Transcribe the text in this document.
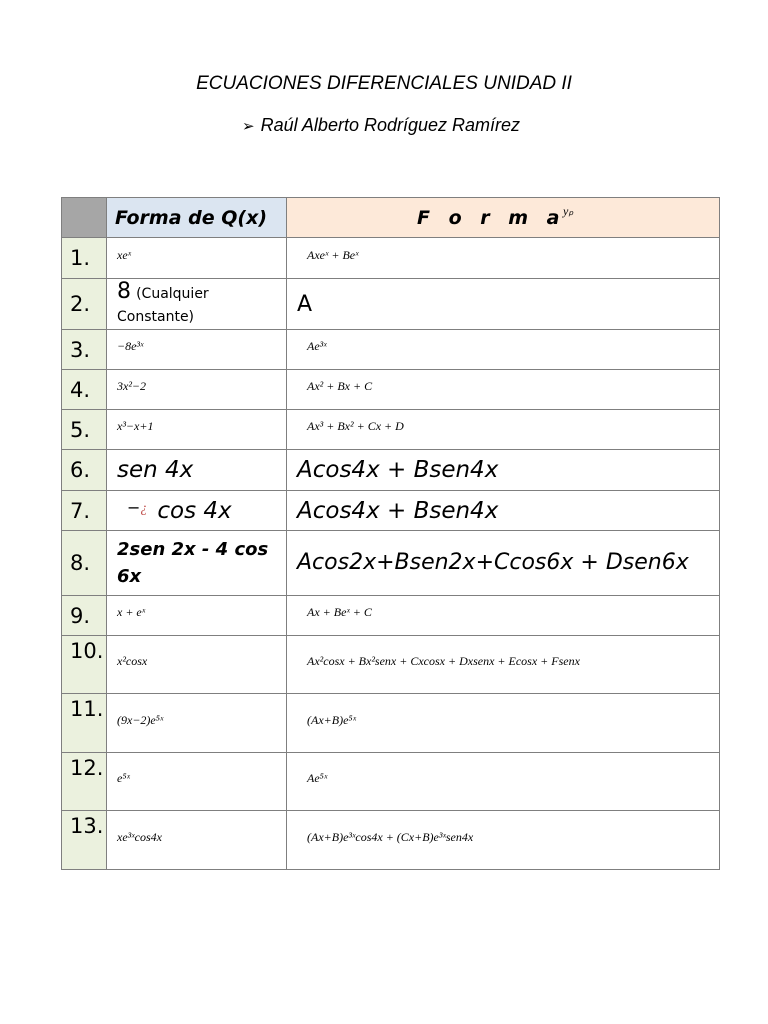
ECUACIONES DIFERENCIALES UNIDAD II
➢ Raúl Alberto Rodríguez Ramírez
	Forma de Q(x)	F o r m a
yₚ

1.	$^{xeˣ}$	$^{Axeˣ + Beˣ}$
2.	8 (Cualquier
Constante)	A
3.	$^{-8e^3ˣ}$	$^{Ae^3ˣ}$
4.	$^{3x^2-2}$	$^{Ax^2 + Bx + C}$
5.	$^{x^3-x+1}$	$^{Ax^3 + Bx^2 + Cx + D}$
6.	sen 4x	Acos4x + Bsen4x
7.	−¿ cos 4x	Acos4x + Bsen4x
8.	2sen 2x - 4 cos 6x	Acos2x+Bsen2x+Ccos6x + Dsen6x
9.	$^{x + eˣ}$	$^{Ax + Beˣ + C}$
10.	$^{x^2cosx}$	$^{Ax^2cosx + Bx^2senx + Cxcosx + Dxsenx + Ecosx + Fsenx}$
11.	$^{(9x-2)e^5ˣ}$	$^{(Ax+B)e^5ˣ}$
12.	$^{e^5ˣ}$	$^{Ae^5ˣ}$
13.	$^{xe^3ˣcos4x}$	$^{(Ax+B)e^3ˣcos4x + (Cx+B)e^3ˣsen4x}$
